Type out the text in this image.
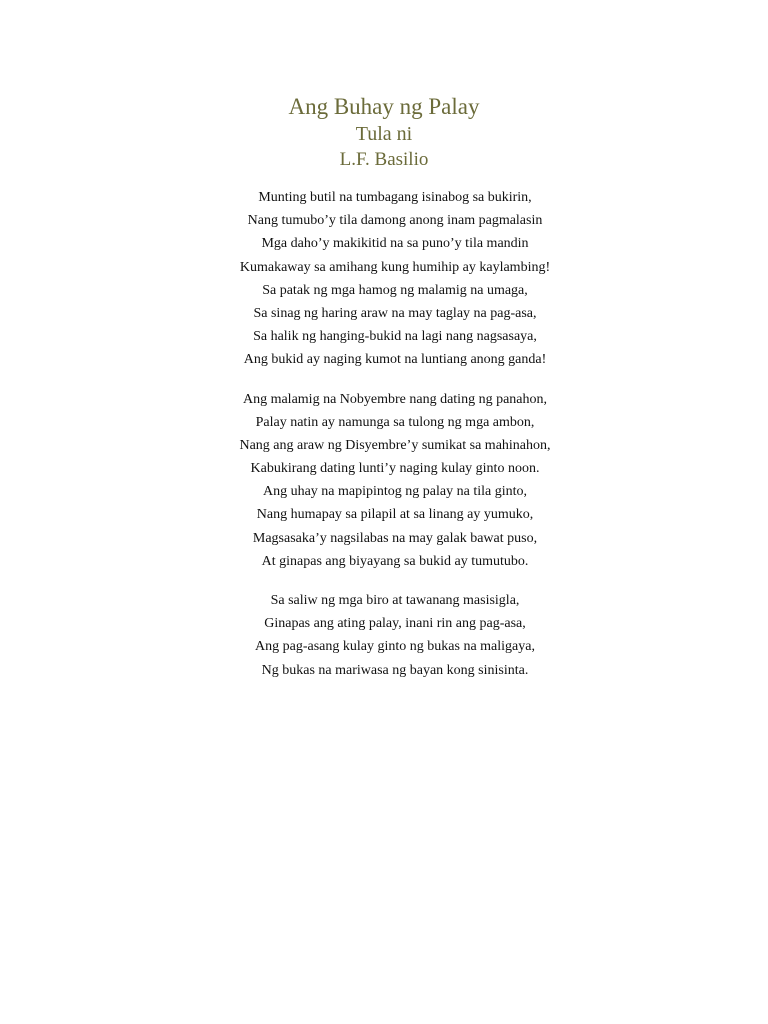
Ang Buhay ng Palay
Tula ni
L.F. Basilio
Munting butil na tumbagang isinabog sa bukirin,
Nang tumubo’y tila damong anong inam pagmalasin
Mga daho’y makikitid na sa puno’y tila mandin
Kumakaway sa amihang kung humihip ay kaylambing!
Sa patak ng mga hamog ng malamig na umaga,
Sa sinag ng haring araw na may taglay na pag-asa,
Sa halik ng hanging-bukid na lagi nang nagsasaya,
Ang bukid ay naging kumot na luntiang anong ganda!
Ang malamig na Nobyembre nang dating ng panahon,
Palay natin ay namunga sa tulong ng mga ambon,
Nang ang araw ng Disyembre’y sumikat sa mahinahon,
Kabukirang dating lunti’y naging kulay ginto noon.
Ang uhay na mapipintog ng palay na tila ginto,
Nang humapay sa pilapil at sa linang ay yumuko,
Magsasaka’y nagsilabas na may galak bawat puso,
At ginapas ang biyayang sa bukid ay tumutubo.
Sa saliw ng mga biro at tawanang masisigla,
Ginapas ang ating palay, inani rin ang pag-asa,
Ang pag-asang kulay ginto ng bukas na maligaya,
Ng bukas na mariwasa ng bayan kong sinisinta.
